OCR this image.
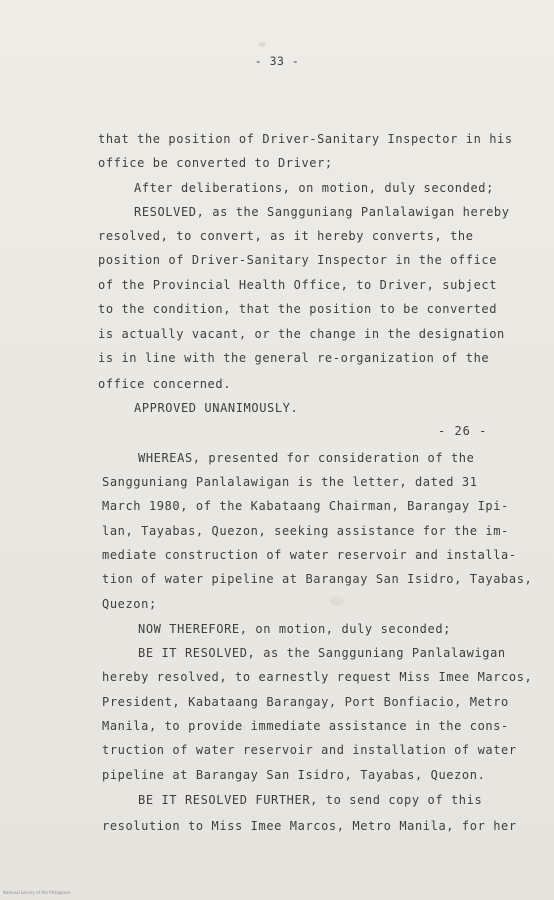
- 33 -
that the position of Driver-Sanitary Inspector in his
office be converted to Driver;
After deliberations, on motion, duly seconded;
RESOLVED, as the Sangguniang Panlalawigan hereby
resolved, to convert, as it hereby converts, the
position of Driver-Sanitary Inspector in the office
of the Provincial Health Office, to Driver, subject
to the condition, that the position to be converted
is actually vacant, or the change in the designation
is in line with the general re-organization of the
office concerned.
APPROVED UNANIMOUSLY.
- 26 -
WHEREAS, presented for consideration of the
Sangguniang Panlalawigan is the letter, dated 31
March 1980, of the Kabataang Chairman, Barangay Ipi-
lan, Tayabas, Quezon, seeking assistance for the im-
mediate construction of water reservoir and installa-
tion of water pipeline at Barangay San Isidro, Tayabas,
Quezon;
NOW THEREFORE, on motion, duly seconded;
BE IT RESOLVED, as the Sangguniang Panlalawigan
hereby resolved, to earnestly request Miss Imee Marcos,
President, Kabataang Barangay, Port Bonfiacio, Metro
Manila, to provide immediate assistance in the cons-
truction of water reservoir and installation of water
pipeline at Barangay San Isidro, Tayabas, Quezon.
BE IT RESOLVED FURTHER, to send copy of this
resolution to Miss Imee Marcos, Metro Manila, for her
National Library of the Philippines
